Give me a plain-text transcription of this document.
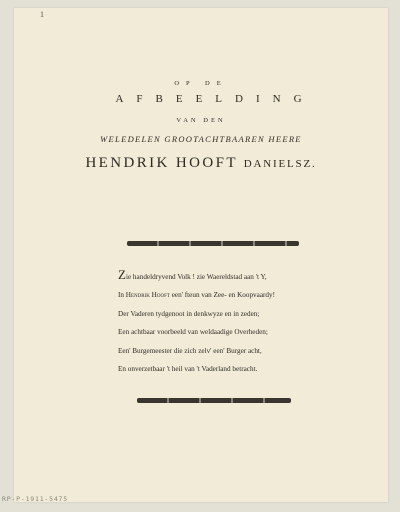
1
OP DE
AFBEELDING
VAN DEN
WELEDELEN GROOTACHTBAAREN HEERE
HENDRIK HOOFT DANIELSZ.
Zie handeldryvend Volk ! zie Waereldstad aan 't Y,
In Hendrik Hooft een' fteun van Zee- en Koopvaardy!
Der Vaderen tydgenoot in denkwyze en in zeden;
Een achtbaar voorbeeld van weldaadige Overheden;
Een' Burgemeester die zich zelv' een' Burger acht,
En onverzetbaar 't heil van 't Vaderland betracht.
RP-P-1911-5475
